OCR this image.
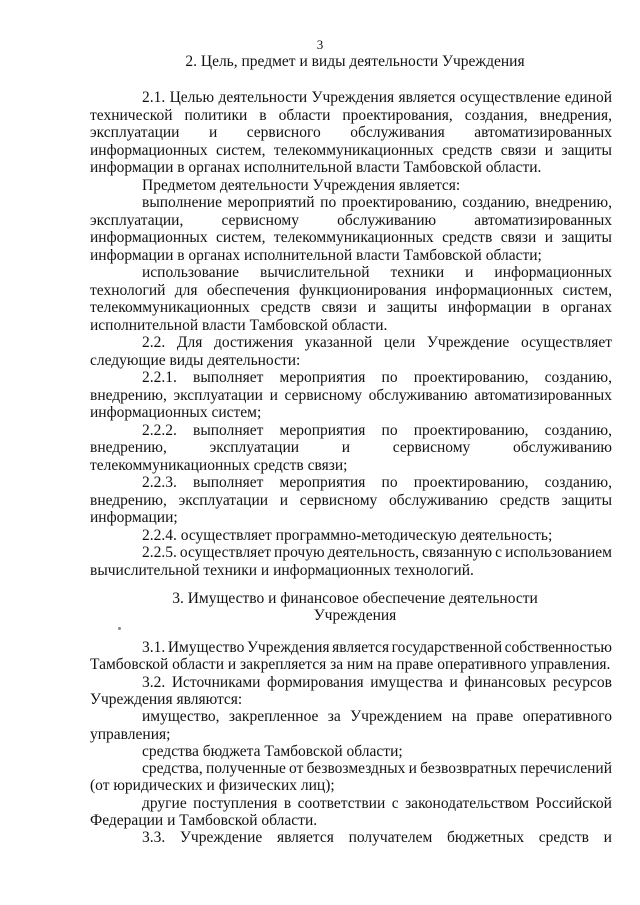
3
2. Цель, предмет и виды деятельности Учреждения
2.1. Целью деятельности Учреждения является осуществление единой
технической политики в области проектирования, создания, внедрения,
эксплуатации и сервисного обслуживания автоматизированных
информационных систем, телекоммуникационных средств связи и защиты
информации в органах исполнительной власти Тамбовской области.
Предметом деятельности Учреждения является:
выполнение мероприятий по проектированию, созданию, внедрению,
эксплуатации, сервисному обслуживанию автоматизированных
информационных систем, телекоммуникационных средств связи и защиты
информации в органах исполнительной власти Тамбовской области;
использование вычислительной техники и информационных
технологий для обеспечения функционирования информационных систем,
телекоммуникационных средств связи и защиты информации в органах
исполнительной власти Тамбовской области.
2.2. Для достижения указанной цели Учреждение осуществляет
следующие виды деятельности:
2.2.1. выполняет мероприятия по проектированию, созданию,
внедрению, эксплуатации и сервисному обслуживанию автоматизированных
информационных систем;
2.2.2. выполняет мероприятия по проектированию, созданию,
внедрению,	эксплуатации	и	сервисному	обслуживанию
телекоммуникационных средств связи;
2.2.3. выполняет мероприятия по проектированию, созданию,
внедрению, эксплуатации и сервисному обслуживанию средств защиты
информации;
2.2.4. осуществляет программно-методическую деятельность;
2.2.5. осуществляет прочую деятельность, связанную с использованием
вычислительной техники и информационных технологий.
3. Имущество и финансовое обеспечение деятельности
Учреждения
3.1. Имущество Учреждения является государственной собственностью
Тамбовской области и закрепляется за ним на праве оперативного управления.
3.2. Источниками формирования имущества и финансовых ресурсов
Учреждения являются:
имущество, закрепленное за Учреждением на праве оперативного
управления;
средства бюджета Тамбовской области;
средства, полученные от безвозмездных и безвозвратных перечислений
(от юридических и физических лиц);
другие поступления в соответствии с законодательством Российской
Федерации и Тамбовской области.
3.3. Учреждение является получателем бюджетных средств и
